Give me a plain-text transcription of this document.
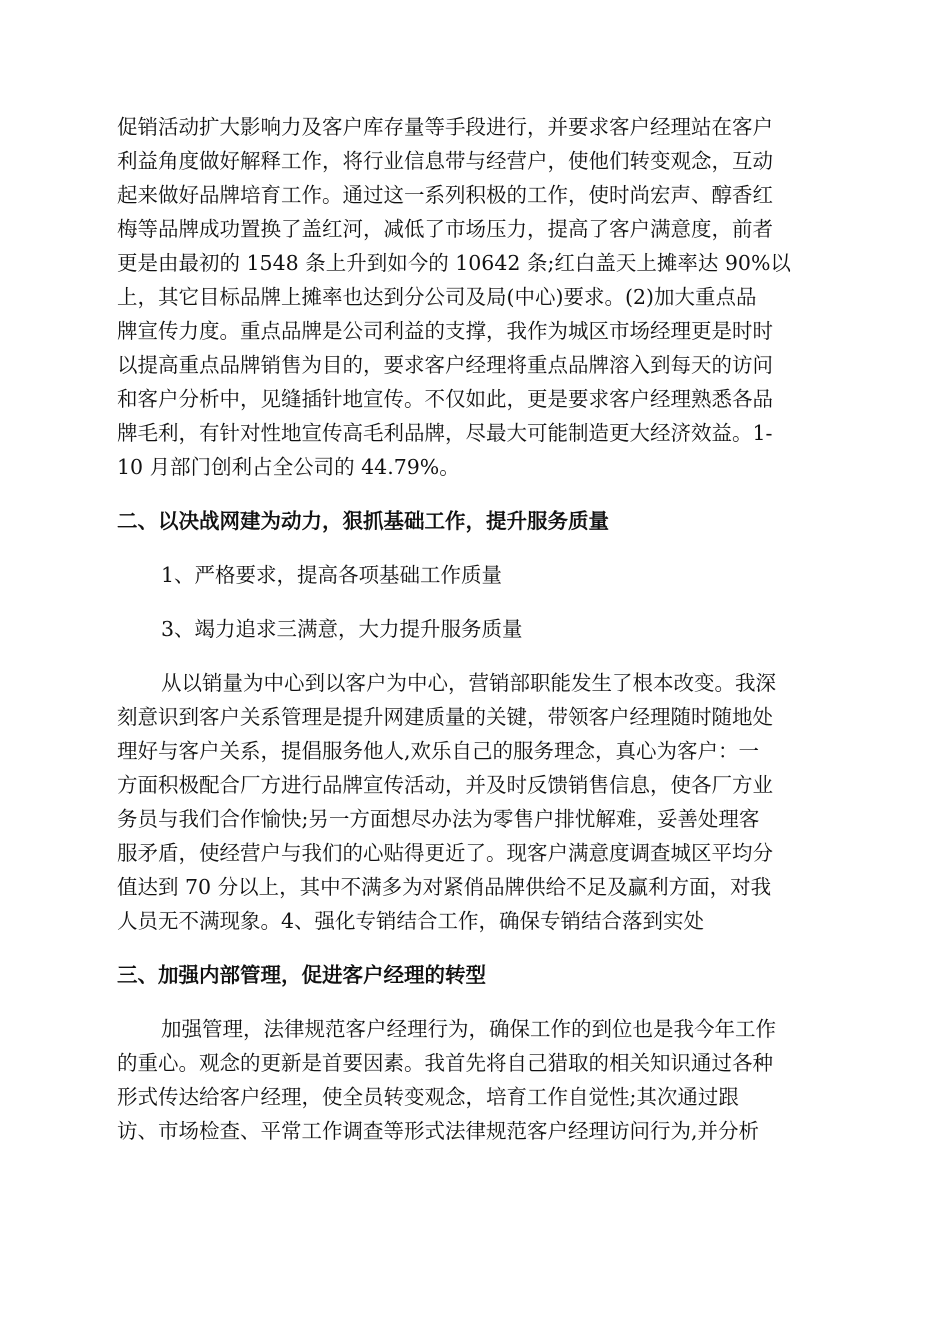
促销活动扩大影响力及客户库存量等手段进行，并要求客户经理站在客户
利益角度做好解释工作，将行业信息带与经营户，使他们转变观念，互动
起来做好品牌培育工作。通过这一系列积极的工作，使时尚宏声、醇香红
梅等品牌成功置换了盖红河，减低了市场压力，提高了客户满意度，前者
更是由最初的 1548 条上升到如今的 10642 条;红白盖天上摊率达 90%以
上，其它目标品牌上摊率也达到分公司及局(中心)要求。(2)加大重点品
牌宣传力度。重点品牌是公司利益的支撑，我作为城区市场经理更是时时
以提高重点品牌销售为目的，要求客户经理将重点品牌溶入到每天的访问
和客户分析中，见缝插针地宣传。不仅如此，更是要求客户经理熟悉各品
牌毛利，有针对性地宣传高毛利品牌，尽最大可能制造更大经济效益。1-
10 月部门创利占全公司的 44.79%。
二、以决战网建为动力，狠抓基础工作，提升服务质量
1、严格要求，提高各项基础工作质量
3、竭力追求三满意，大力提升服务质量
从以销量为中心到以客户为中心，营销部职能发生了根本改变。我深
刻意识到客户关系管理是提升网建质量的关键，带领客户经理随时随地处
理好与客户关系，提倡服务他人,欢乐自己的服务理念，真心为客户：一
方面积极配合厂方进行品牌宣传活动，并及时反馈销售信息，使各厂方业
务员与我们合作愉快;另一方面想尽办法为零售户排忧解难，妥善处理客
服矛盾，使经营户与我们的心贴得更近了。现客户满意度调查城区平均分
值达到 70 分以上，其中不满多为对紧俏品牌供给不足及赢利方面，对我
人员无不满现象。4、强化专销结合工作，确保专销结合落到实处
三、加强内部管理，促进客户经理的转型
加强管理，法律规范客户经理行为，确保工作的到位也是我今年工作
的重心。观念的更新是首要因素。我首先将自己猎取的相关知识通过各种
形式传达给客户经理，使全员转变观念，培育工作自觉性;其次通过跟
访、市场检查、平常工作调查等形式法律规范客户经理访问行为,并分析
